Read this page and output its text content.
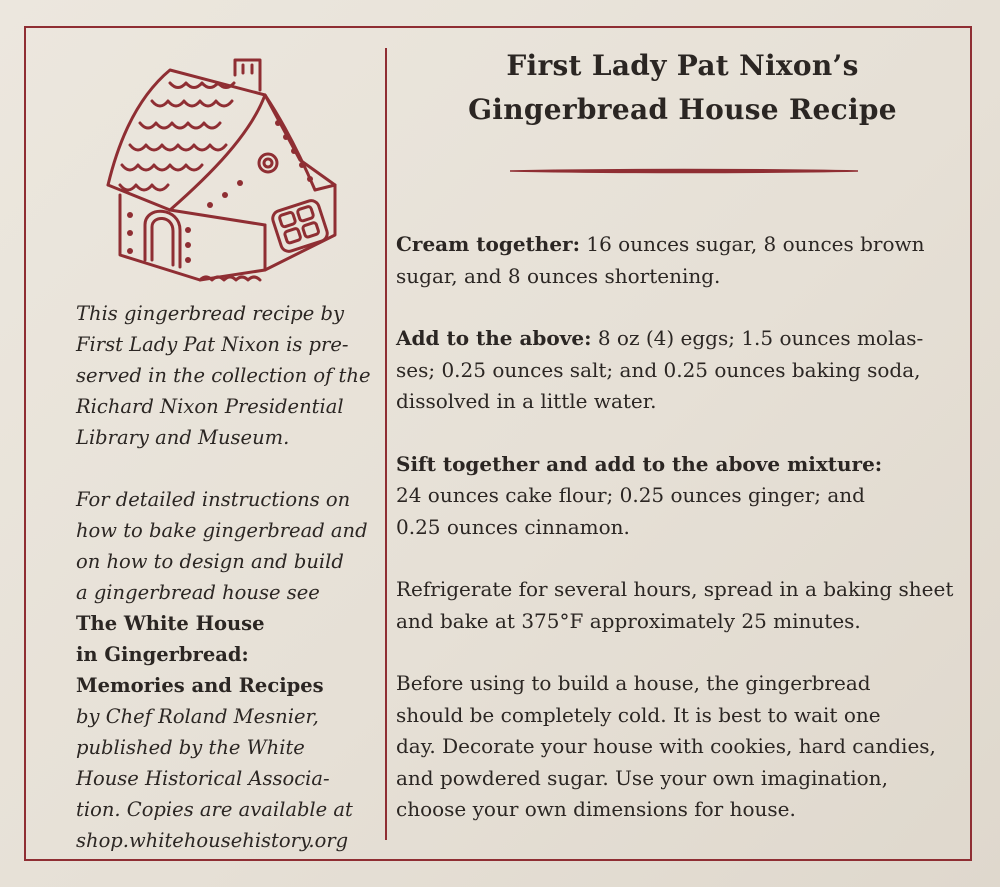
This gingerbread recipe by

First Lady Pat Nixon is pre-

served in the collection of the

Richard Nixon Presidential

Library and Museum.

For detailed instructions on

how to bake gingerbread and

on how to design and build

a gingerbread house see

The White House

in Gingerbread:

Memories and Recipes

by Chef Roland Mesnier,

published by the White

House Historical Associa-

tion. Copies are available at

shop.whitehousehistory.org

First Lady Pat Nixon’s
Gingerbread House Recipe

Cream together: 16 ounces sugar, 8 ounces brown
sugar, and 8 ounces shortening.

Add to the above: 8 oz (4) eggs; 1.5 ounces molas-
ses; 0.25 ounces salt; and 0.25 ounces baking soda,
dissolved in a little water.

Sift together and add to the above mixture:
24 ounces cake flour; 0.25 ounces ginger; and
0.25 ounces cinnamon.

Refrigerate for several hours, spread in a baking sheet
and bake at 375°F approximately 25 minutes.

Before using to build a house, the gingerbread
should be completely cold. It is best to wait one
day. Decorate your house with cookies, hard candies,
and powdered sugar. Use your own imagination,
choose your own dimensions for house.
